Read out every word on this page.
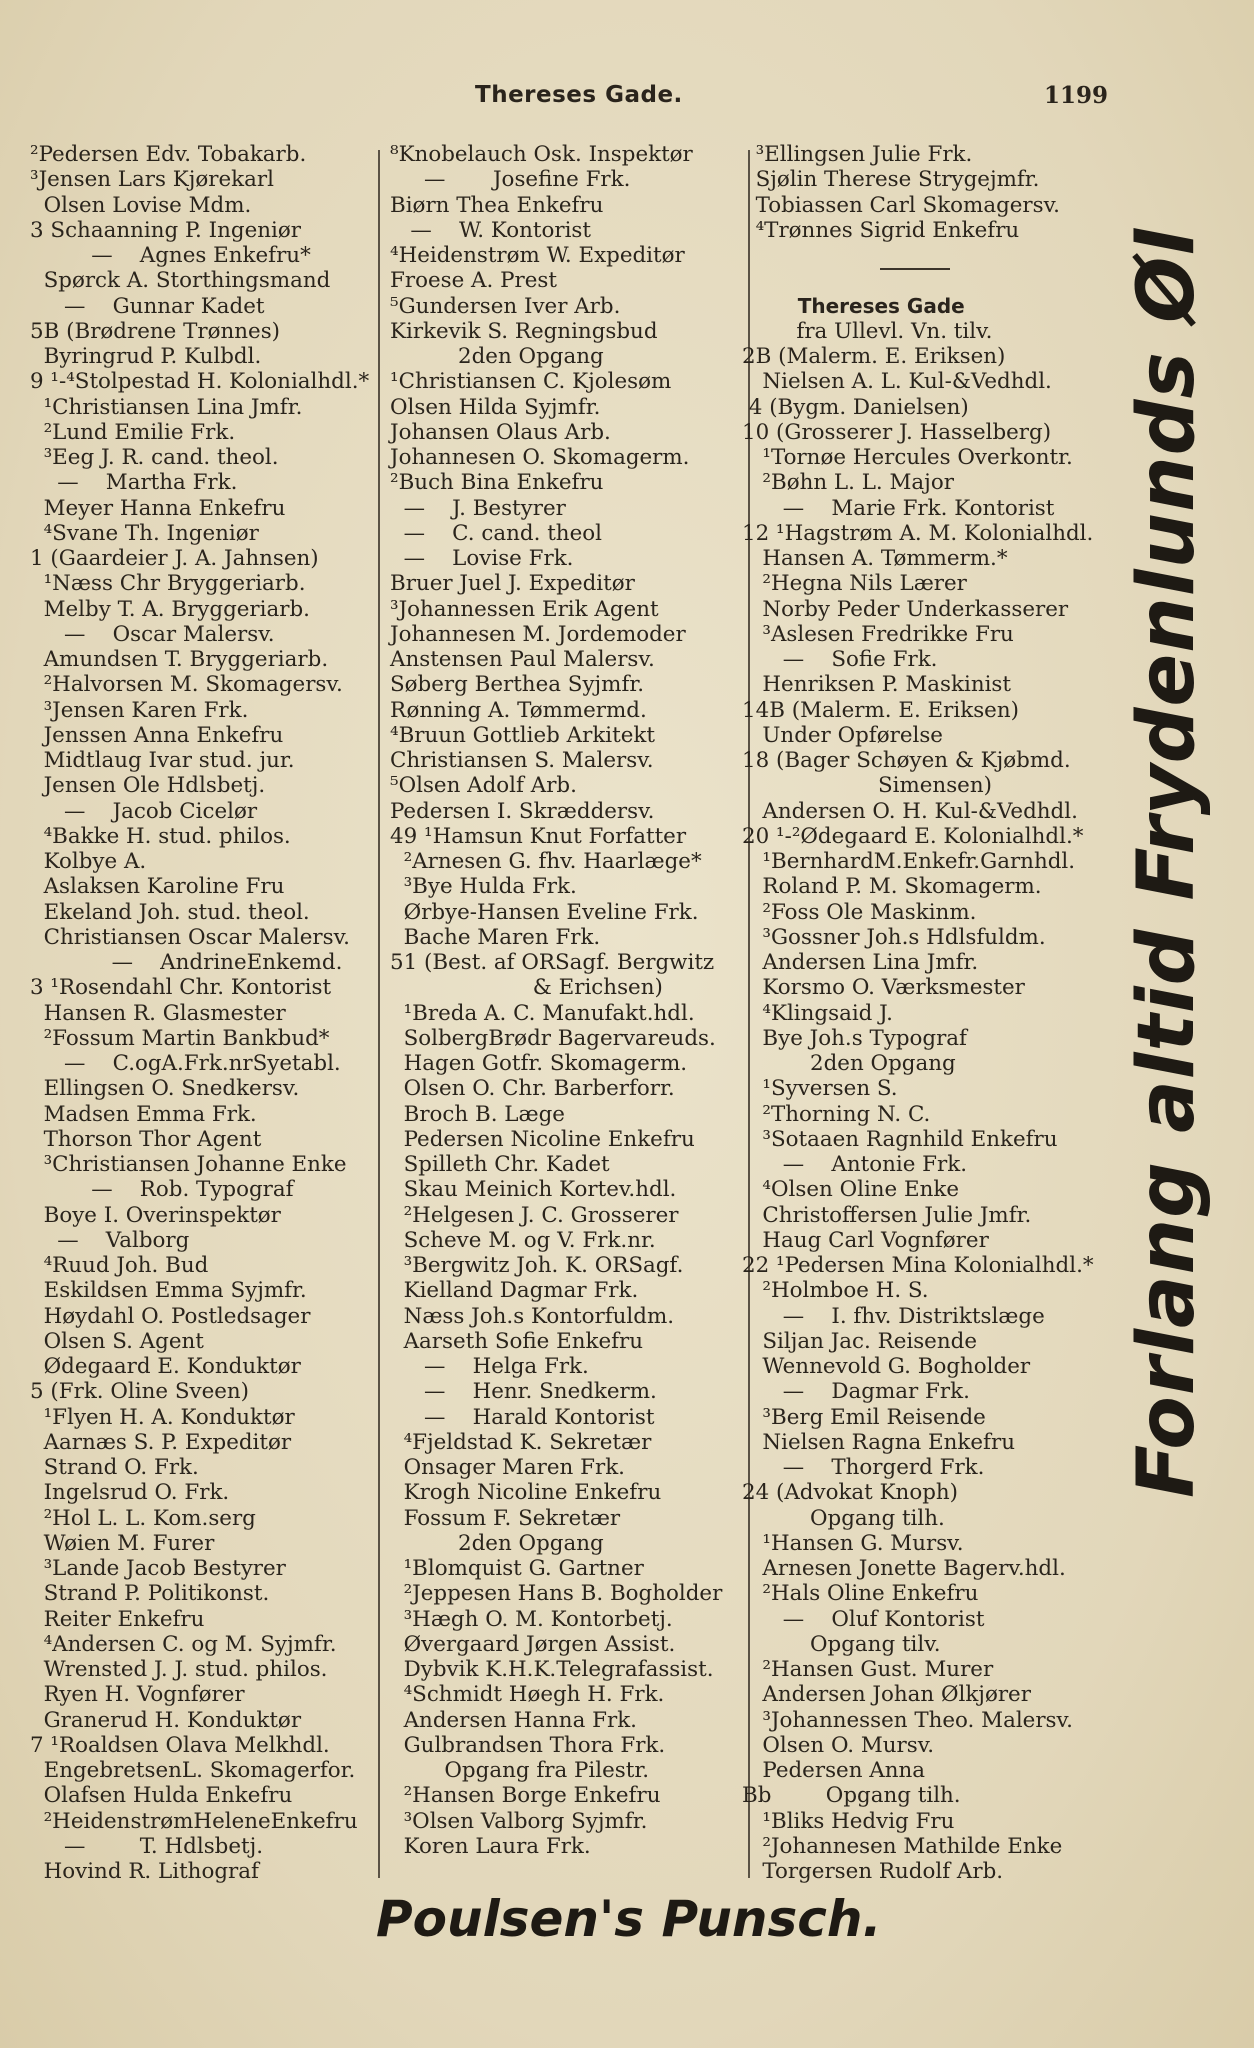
Thereses Gade.	1199
²Pedersen Edv. Tobakarb.
³Jensen Lars Kjørekarl
Olsen Lovise Mdm.
3 Schaanning P. Ingeniør
—    Agnes Enkefru*
Spørck A. Storthingsmand
—    Gunnar Kadet
5B (Brødrene Trønnes)
Byringrud P. Kulbdl.
9 ¹-⁴Stolpestad H. Kolonialhdl.*
¹Christiansen Lina Jmfr.
²Lund Emilie Frk.
³Eeg J. R. cand. theol.
—    Martha Frk.
Meyer Hanna Enkefru
⁴Svane Th. Ingeniør
1 (Gaardeier J. A. Jahnsen)
¹Næss Chr Bryggeriarb.
Melby T. A. Bryggeriarb.
—    Oscar Malersv.
Amundsen T. Bryggeriarb.
²Halvorsen M. Skomagersv.
³Jensen Karen Frk.
Jenssen Anna Enkefru
Midtlaug Ivar stud. jur.
Jensen Ole Hdlsbetj.
—    Jacob Cicelør
⁴Bakke H. stud. philos.
Kolbye A.
Aslaksen Karoline Fru
Ekeland Joh. stud. theol.
Christiansen Oscar Malersv.
—    AndrineEnkemd.
3 ¹Rosendahl Chr. Kontorist
Hansen R. Glasmester
²Fossum Martin Bankbud*
—    C.ogA.Frk.nrSyetabl.
Ellingsen O. Snedkersv.
Madsen Emma Frk.
Thorson Thor Agent
³Christiansen Johanne Enke
—    Rob. Typograf
Boye I. Overinspektør
—    Valborg
⁴Ruud Joh. Bud
Eskildsen Emma Syjmfr.
Høydahl O. Postledsager
Olsen S. Agent
Ødegaard E. Konduktør
5 (Frk. Oline Sveen)
¹Flyen H. A. Konduktør
Aarnæs S. P. Expeditør
Strand O. Frk.
Ingelsrud O. Frk.
²Hol L. L. Kom.serg
Wøien M. Furer
³Lande Jacob Bestyrer
Strand P. Politikonst.
Reiter Enkefru
⁴Andersen C. og M. Syjmfr.
Wrensted J. J. stud. philos.
Ryen H. Vognfører
Granerud H. Konduktør
7 ¹Roaldsen Olava Melkhdl.
EngebretsenL. Skomagerfor.
Olafsen Hulda Enkefru
²HeidenstrømHeleneEnkefru
—        T. Hdlsbetj.
Hovind R. Lithograf
⁸Knobelauch Osk. Inspektør
—       Josefine Frk.
Biørn Thea Enkefru
—    W. Kontorist
⁴Heidenstrøm W. Expeditør
Froese A. Prest
⁵Gundersen Iver Arb.
Kirkevik S. Regningsbud
2den Opgang
¹Christiansen C. Kjolesøm
Olsen Hilda Syjmfr.
Johansen Olaus Arb.
Johannesen O. Skomagerm.
²Buch Bina Enkefru
—    J. Bestyrer
—    C. cand. theol
—    Lovise Frk.
Bruer Juel J. Expeditør
³Johannessen Erik Agent
Johannesen M. Jordemoder
Anstensen Paul Malersv.
Søberg Berthea Syjmfr.
Rønning A. Tømmermd.
⁴Bruun Gottlieb Arkitekt
Christiansen S. Malersv.
⁵Olsen Adolf Arb.
Pedersen I. Skræddersv.
49 ¹Hamsun Knut Forfatter
²Arnesen G. fhv. Haarlæge*
³Bye Hulda Frk.
Ørbye-Hansen Eveline Frk.
Bache Maren Frk.
51 (Best. af ORSagf. Bergwitz
& Erichsen)
¹Breda A. C. Manufakt.hdl.
SolbergBrødr Bagervareuds.
Hagen Gotfr. Skomagerm.
Olsen O. Chr. Barberforr.
Broch B. Læge
Pedersen Nicoline Enkefru
Spilleth Chr. Kadet
Skau Meinich Kortev.hdl.
²Helgesen J. C. Grosserer
Scheve M. og V. Frk.nr.
³Bergwitz Joh. K. ORSagf.
Kielland Dagmar Frk.
Næss Joh.s Kontorfuldm.
Aarseth Sofie Enkefru
—    Helga Frk.
—    Henr. Snedkerm.
—    Harald Kontorist
⁴Fjeldstad K. Sekretær
Onsager Maren Frk.
Krogh Nicoline Enkefru
Fossum F. Sekretær
2den Opgang
¹Blomquist G. Gartner
²Jeppesen Hans B. Bogholder
³Hægh O. M. Kontorbetj.
Øvergaard Jørgen Assist.
Dybvik K.H.K.Telegrafassist.
⁴Schmidt Høegh H. Frk.
Andersen Hanna Frk.
Gulbrandsen Thora Frk.
Opgang fra Pilestr.
²Hansen Borge Enkefru
³Olsen Valborg Syjmfr.
Koren Laura Frk.
³Ellingsen Julie Frk.
Sjølin Therese Strygejmfr.
Tobiassen Carl Skomagersv.
⁴Trønnes Sigrid Enkefru
Thereses Gade
fra Ullevl. Vn. tilv.
2B (Malerm. E. Eriksen)
Nielsen A. L. Kul-&Vedhdl.
4 (Bygm. Danielsen)
10 (Grosserer J. Hasselberg)
¹Tornøe Hercules Overkontr.
²Bøhn L. L. Major
—    Marie Frk. Kontorist
12 ¹Hagstrøm A. M. Kolonialhdl.
Hansen A. Tømmerm.*
²Hegna Nils Lærer
Norby Peder Underkasserer
³Aslesen Fredrikke Fru
—    Sofie Frk.
Henriksen P. Maskinist
14B (Malerm. E. Eriksen)
Under Opførelse
18 (Bager Schøyen & Kjøbmd.
Simensen)
Andersen O. H. Kul-&Vedhdl.
20 ¹-²Ødegaard E. Kolonialhdl.*
¹BernhardM.Enkefr.Garnhdl.
Roland P. M. Skomagerm.
²Foss Ole Maskinm.
³Gossner Joh.s Hdlsfuldm.
Andersen Lina Jmfr.
Korsmo O. Værksmester
⁴Klingsaid J.
Bye Joh.s Typograf
2den Opgang
¹Syversen S.
²Thorning N. C.
³Sotaaen Ragnhild Enkefru
—    Antonie Frk.
⁴Olsen Oline Enke
Christoffersen Julie Jmfr.
Haug Carl Vognfører
22 ¹Pedersen Mina Kolonialhdl.*
²Holmboe H. S.
—    I. fhv. Distriktslæge
Siljan Jac. Reisende
Wennevold G. Bogholder
—    Dagmar Frk.
³Berg Emil Reisende
Nielsen Ragna Enkefru
—    Thorgerd Frk.
24 (Advokat Knoph)
Opgang tilh.
¹Hansen G. Mursv.
Arnesen Jonette Bagerv.hdl.
²Hals Oline Enkefru
—    Oluf Kontorist
Opgang tilv.
²Hansen Gust. Murer
Andersen Johan Ølkjører
³Johannessen Theo. Malersv.
Olsen O. Mursv.
Pedersen Anna
Bb        Opgang tilh.
¹Bliks Hedvig Fru
²Johannesen Mathilde Enke
Torgersen Rudolf Arb.
Forlang altid Frydenlunds Øl
Poulsen's Punsch.
